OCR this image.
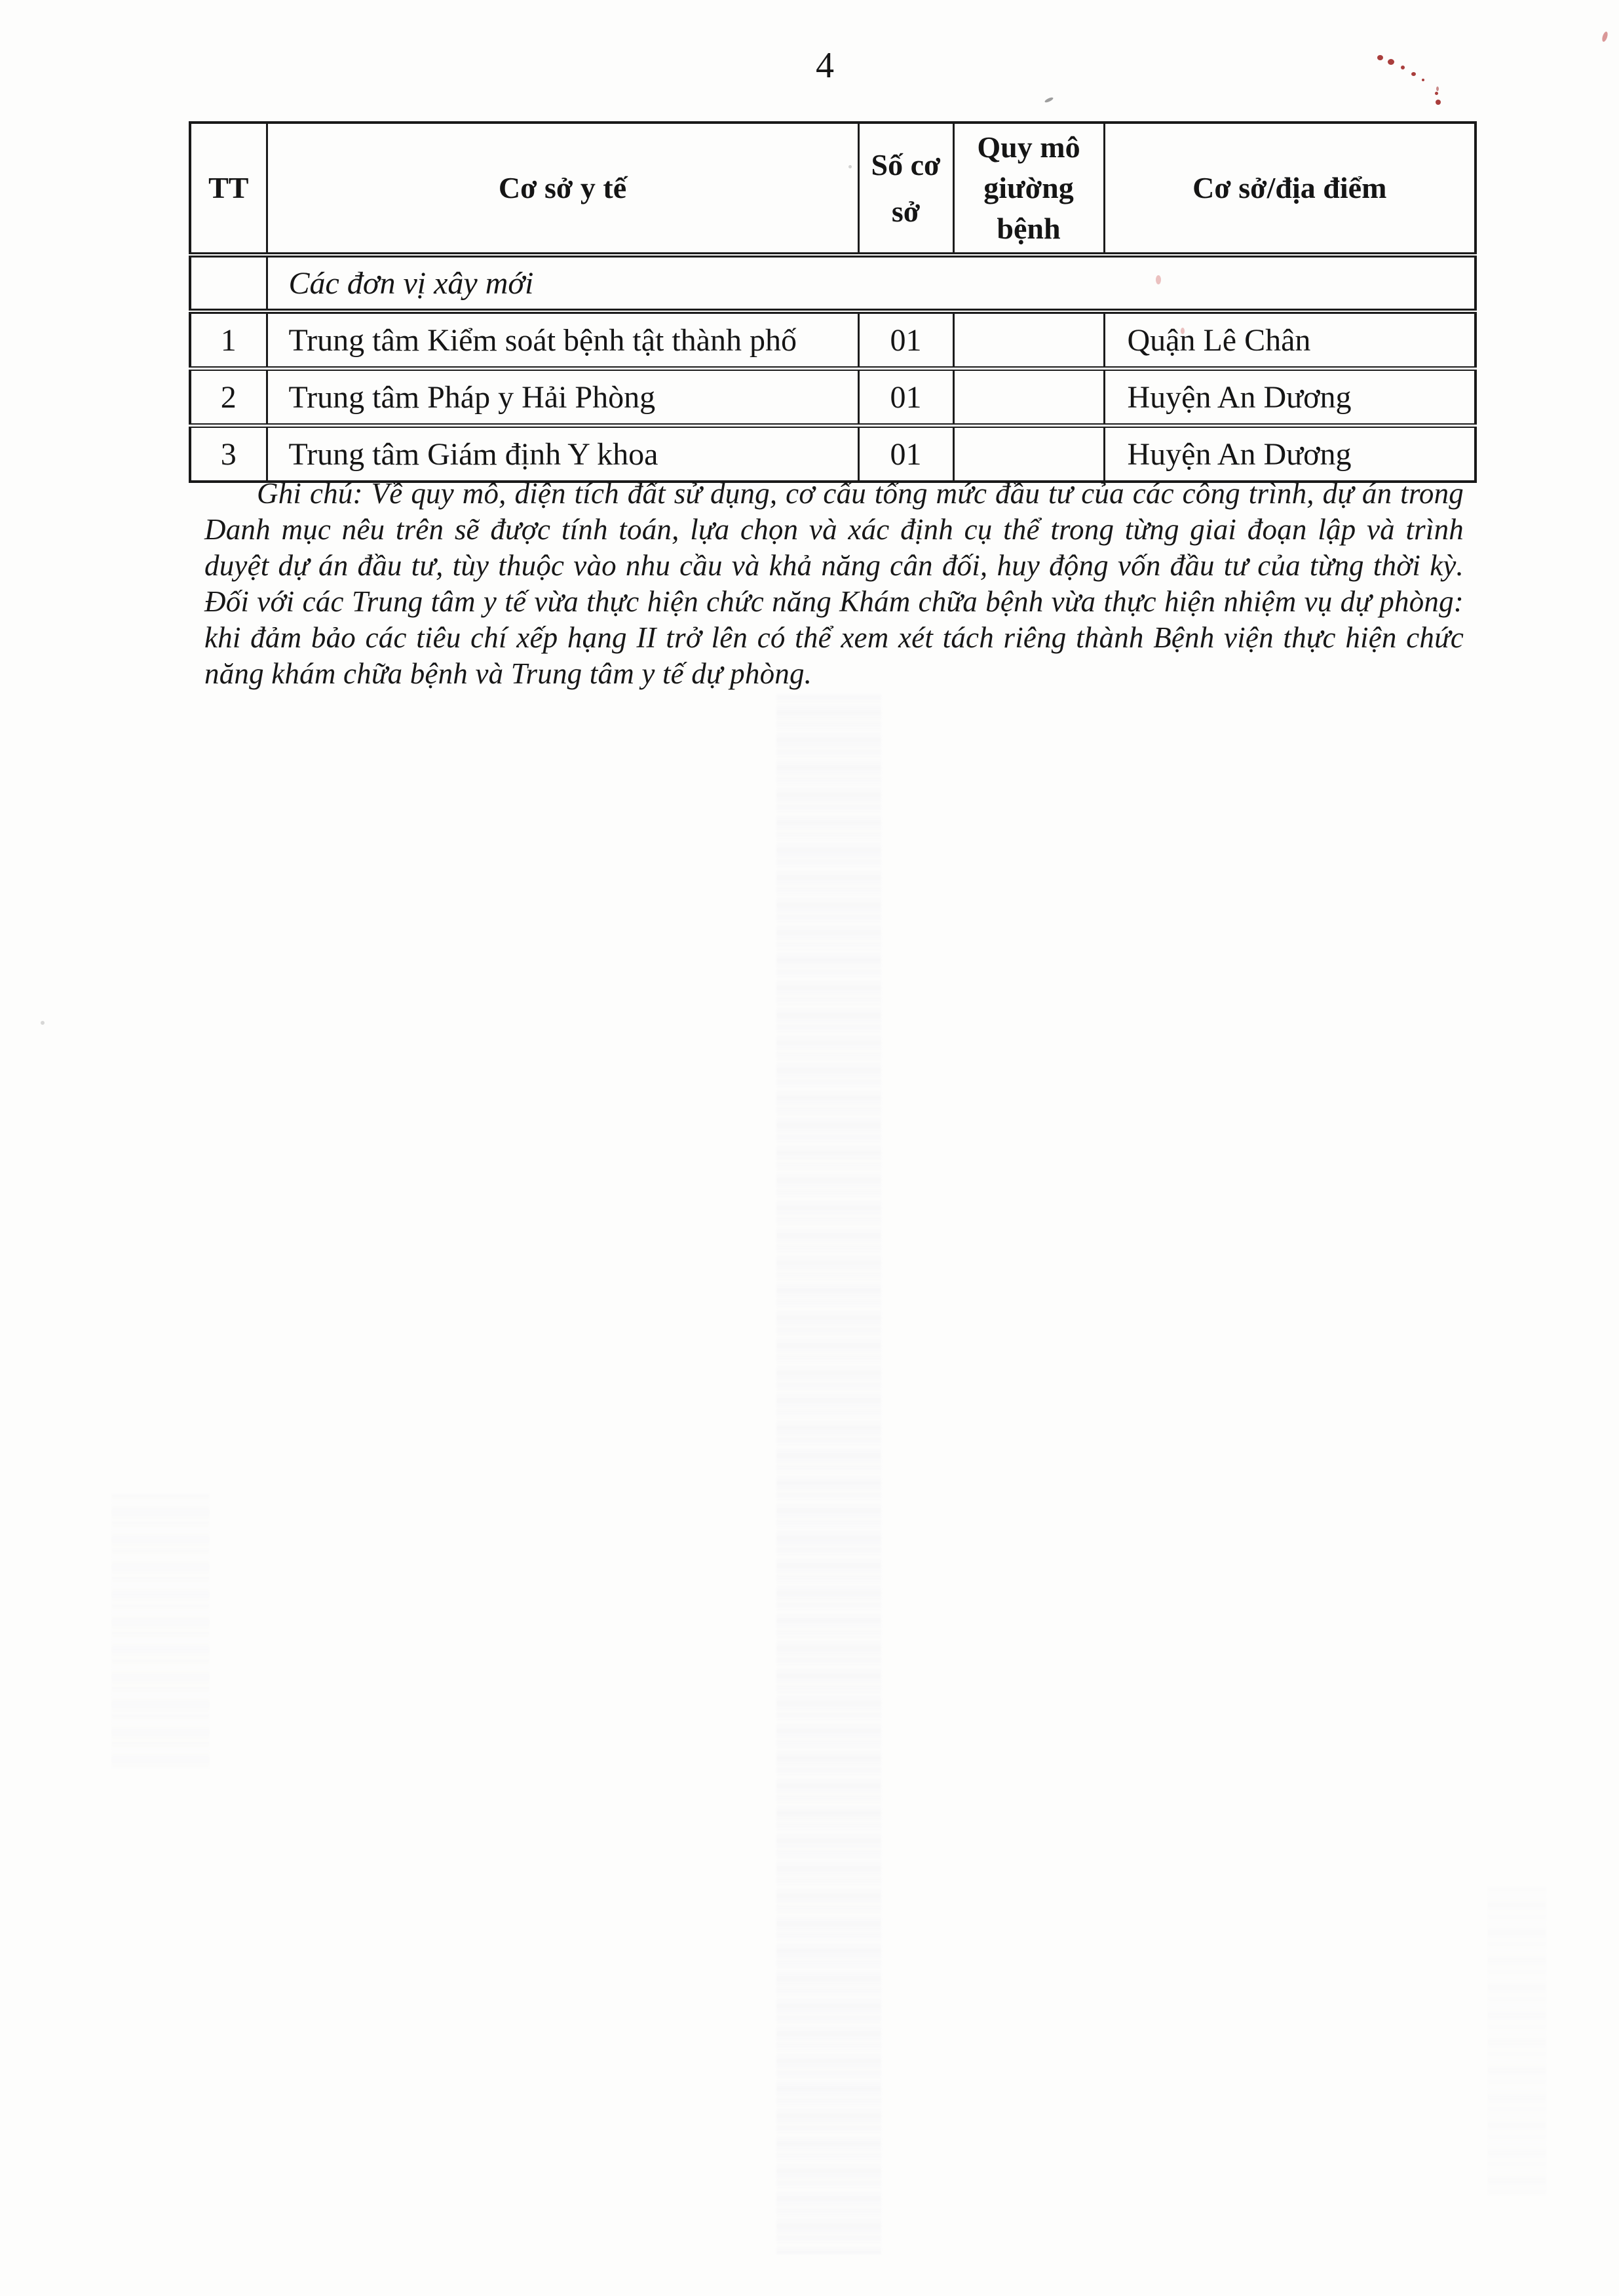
4
TT	Cơ sở y tế	Số cơ sở	Quy mô giường bệnh	Cơ sở/địa điểm
	Các đơn vị xây mới			
1	Trung tâm Kiểm soát bệnh tật thành phố	01		Quận Lê Chân
2	Trung tâm Pháp y Hải Phòng	01		Huyện An Dương
3	Trung tâm Giám định Y khoa	01		Huyện An Dương

Ghi chú: Về quy mô, diện tích đất sử dụng, cơ cấu tổng mức đầu tư của các công trình, dự án trong Danh mục nêu trên sẽ được tính toán, lựa chọn và xác định cụ thể trong từng giai đoạn lập và trình duyệt dự án đầu tư, tùy thuộc vào nhu cầu và khả năng cân đối, huy động vốn đầu tư của từng thời kỳ. Đối với các Trung tâm y tế vừa thực hiện chức năng Khám chữa bệnh vừa thực hiện nhiệm vụ dự phòng: khi đảm bảo các tiêu chí xếp hạng II trở lên có thể xem xét tách riêng thành Bệnh viện thực hiện chức năng khám chữa bệnh và Trung tâm y tế dự phòng.
